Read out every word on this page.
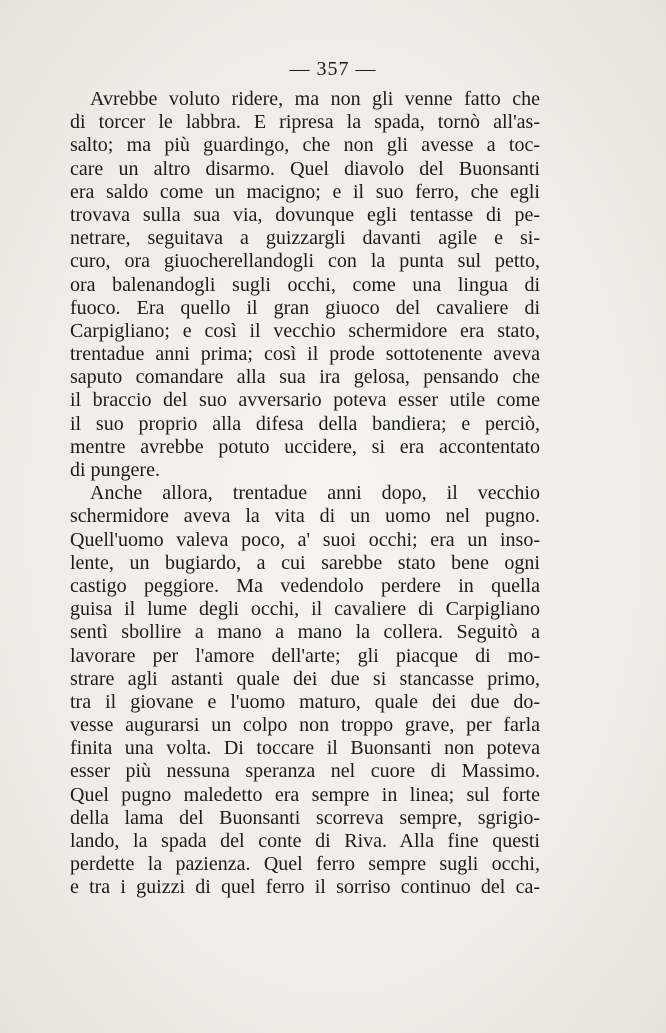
— 357 —
Avrebbe voluto ridere, ma non gli venne fatto che
di torcer le labbra. E ripresa la spada, tornò all'as-
salto; ma più guardingo, che non gli avesse a toc-
care un altro disarmo. Quel diavolo del Buonsanti
era saldo come un macigno; e il suo ferro, che egli
trovava sulla sua via, dovunque egli tentasse di pe-
netrare, seguitava a guizzargli davanti agile e si-
curo, ora giuocherellandogli con la punta sul petto,
ora balenandogli sugli occhi, come una lingua di
fuoco. Era quello il gran giuoco del cavaliere di
Carpigliano; e così il vecchio schermidore era stato,
trentadue anni prima; così il prode sottotenente aveva
saputo comandare alla sua ira gelosa, pensando che
il braccio del suo avversario poteva esser utile come
il suo proprio alla difesa della bandiera; e perciò,
mentre avrebbe potuto uccidere, si era accontentato
di pungere.
Anche allora, trentadue anni dopo, il vecchio
schermidore aveva la vita di un uomo nel pugno.
Quell'uomo valeva poco, a' suoi occhi; era un inso-
lente, un bugiardo, a cui sarebbe stato bene ogni
castigo peggiore. Ma vedendolo perdere in quella
guisa il lume degli occhi, il cavaliere di Carpigliano
sentì sbollire a mano a mano la collera. Seguitò a
lavorare per l'amore dell'arte; gli piacque di mo-
strare agli astanti quale dei due si stancasse primo,
tra il giovane e l'uomo maturo, quale dei due do-
vesse augurarsi un colpo non troppo grave, per farla
finita una volta. Di toccare il Buonsanti non poteva
esser più nessuna speranza nel cuore di Massimo.
Quel pugno maledetto era sempre in linea; sul forte
della lama del Buonsanti scorreva sempre, sgrigio-
lando, la spada del conte di Riva. Alla fine questi
perdette la pazienza. Quel ferro sempre sugli occhi,
e tra i guizzi di quel ferro il sorriso continuo del ca-
